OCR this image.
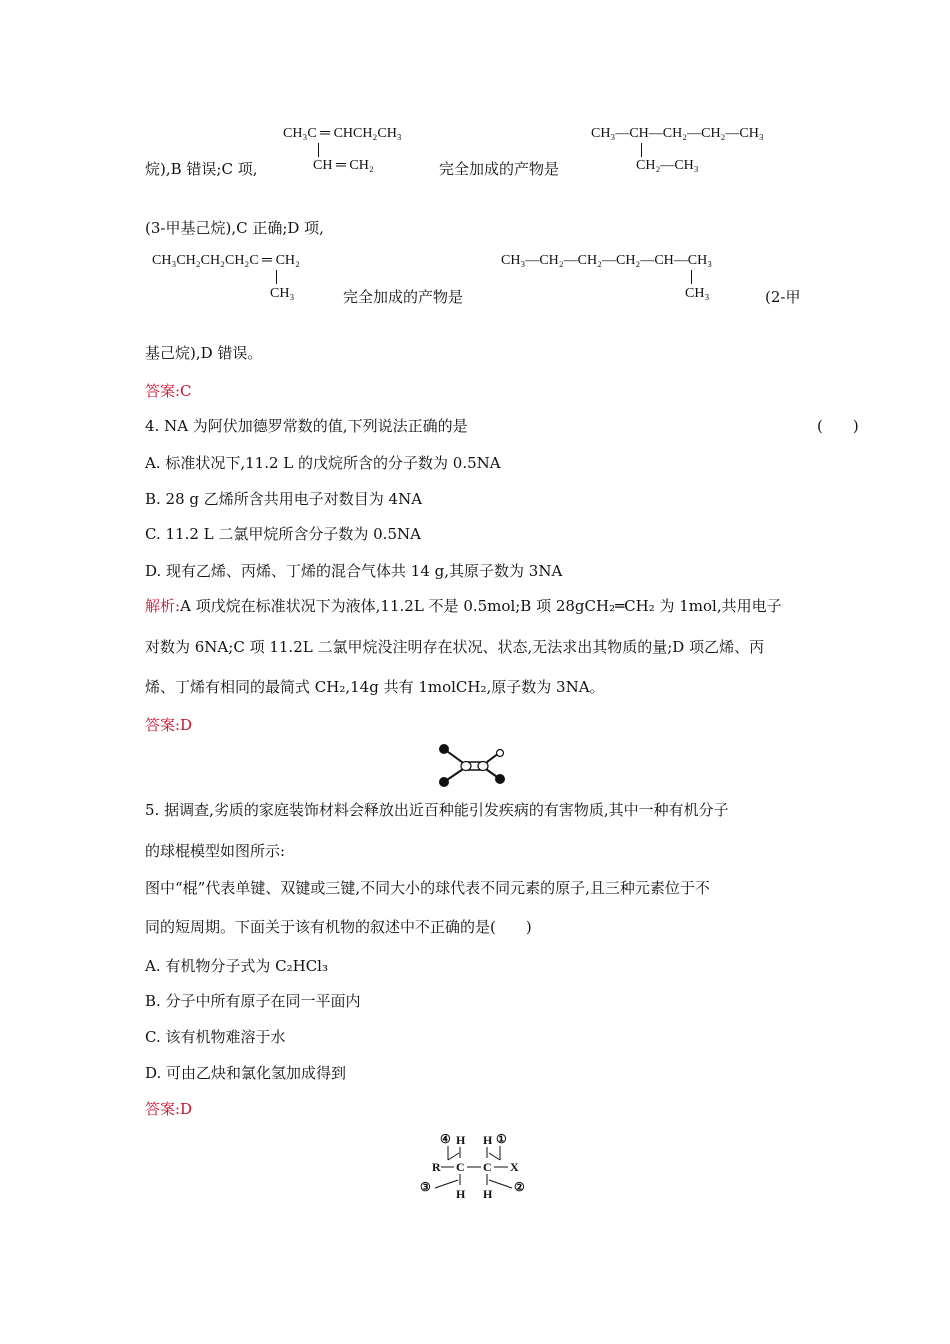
CH₃C ═ CHCH₂CH₃
CH ═ CH₂
CH₃—CH—CH₂—CH₂—CH₃
CH₂—CH₃
烷),B 错误;C 项,	完全加成的产物是
(3-甲基己烷),C 正确;D 项,
CH₃CH₂CH₂CH₂C ═ CH₂
CH₃	完全加成的产物是
CH₃—CH₂—CH₂—CH₂—CH—CH₃
CH₃	(2-甲
基己烷),D 错误。
答案:C
4. NA 为阿伏加德罗常数的值,下列说法正确的是	(　　)
A. 标准状况下,11.2 L 的戊烷所含的分子数为 0.5NA
B. 28 g 乙烯所含共用电子对数目为 4NA
C. 11.2 L 二氯甲烷所含分子数为 0.5NA
D. 现有乙烯、丙烯、丁烯的混合气体共 14 g,其原子数为 3NA
解析:A 项戊烷在标准状况下为液体,11.2L 不是 0.5mol;B 项 28gCH₂═CH₂ 为 1mol,共用电子
对数为 6NA;C 项 11.2L 二氯甲烷没注明存在状况、状态,无法求出其物质的量;D 项乙烯、丙
烯、丁烯有相同的最简式 CH₂,14g 共有 1molCH₂,原子数为 3NA。
答案:D
5. 据调查,劣质的家庭装饰材料会释放出近百种能引发疾病的有害物质,其中一种有机分子
的球棍模型如图所示:
图中“棍”代表单键、双键或三键,不同大小的球代表不同元素的原子,且三种元素位于不
同的短周期。下面关于该有机物的叙述中不正确的是(　　)
A. 有机物分子式为 C₂HCl₃
B. 分子中所有原子在同一平面内
C. 该有机物难溶于水
D. 可由乙炔和氯化氢加成得到
答案:D
④ H H ①
R C C X
③ H H ②
